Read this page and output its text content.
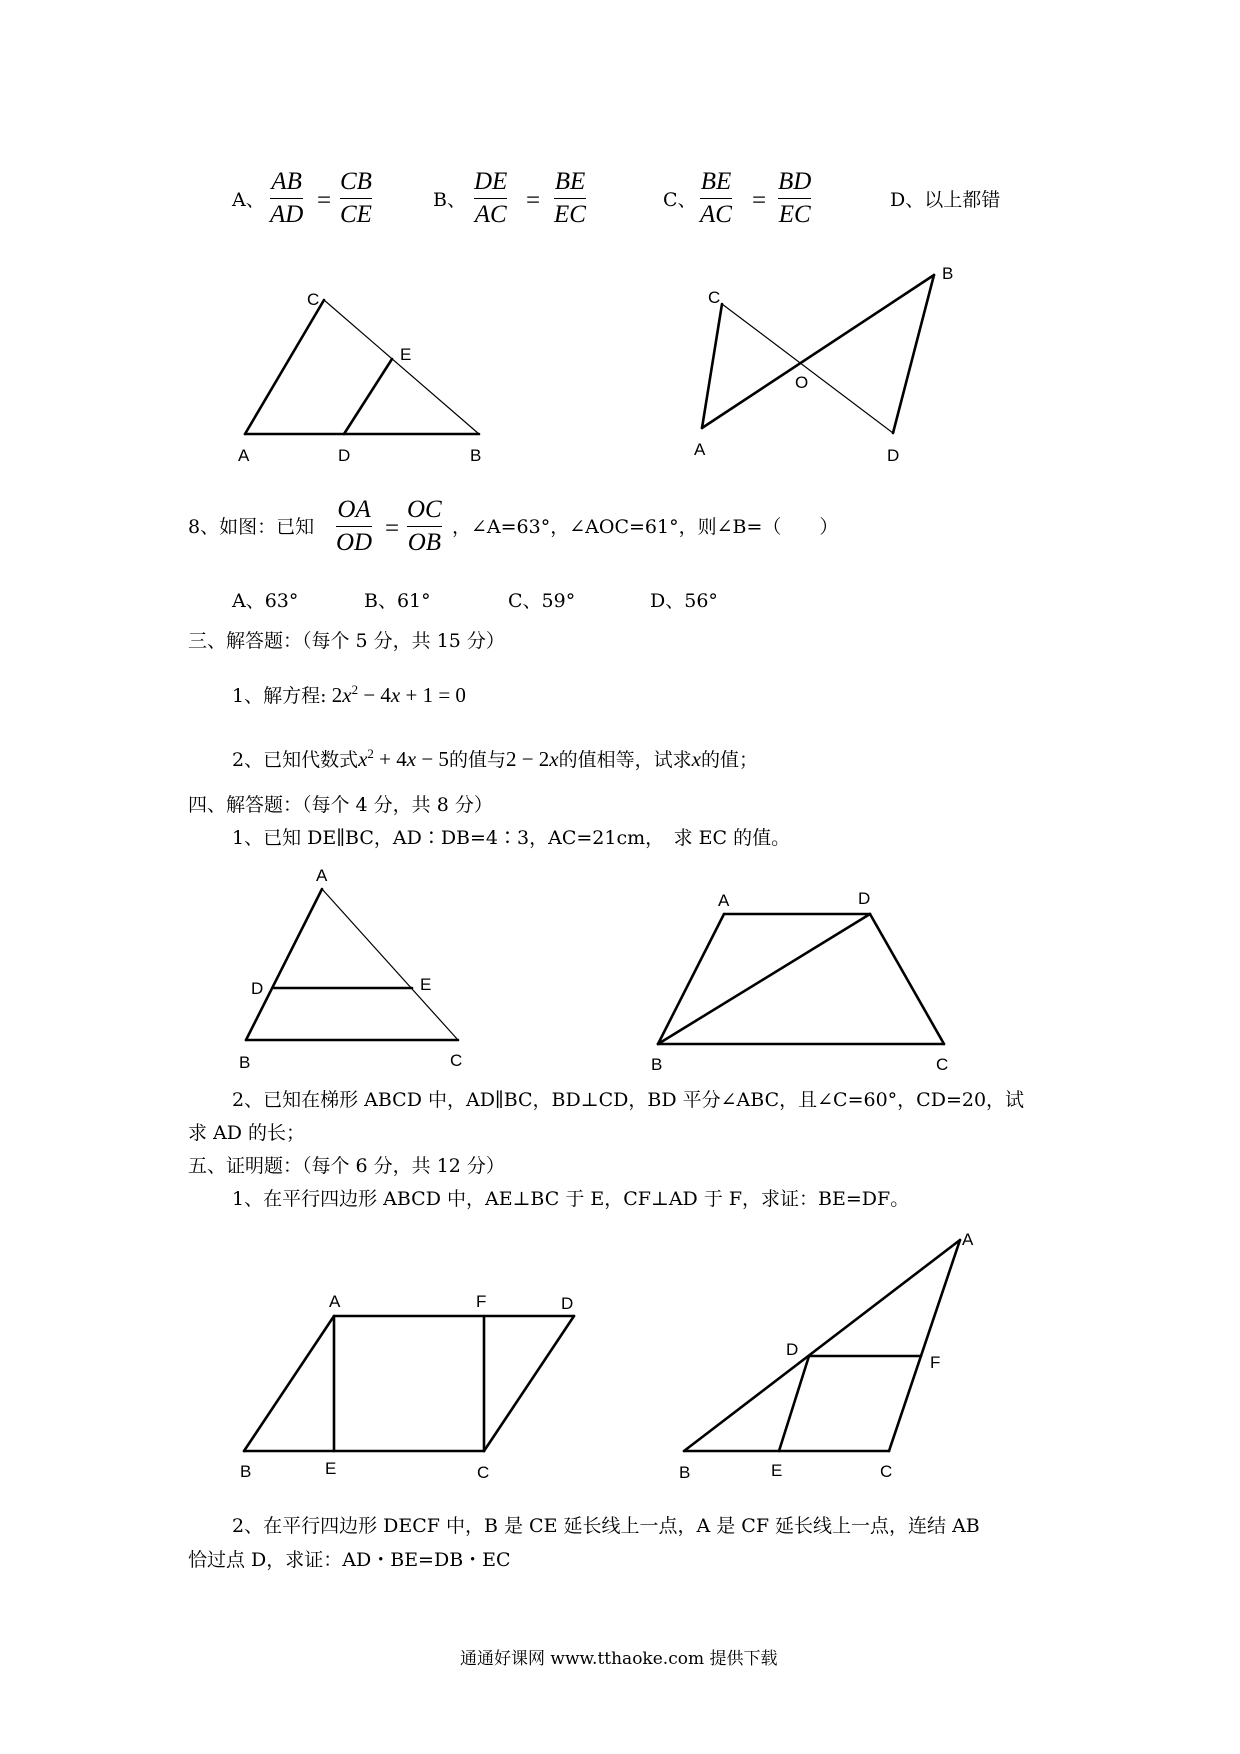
A、
AB
AD
=
CB
CE
B、
DE
AC
=
BE
EC
C、
BE
AC
=
BD
EC
D、以上都错
C
E
A	D	B
C
B
O
A	D
A
D	E
B	C
A	D
B	C
A	F	D
B	E	C
A
D
F
B	E	C
8、如图：已知
OA
OD
=
OC
OB
，∠A=63°，∠AOC=61°，则∠B=（　　）
A、63°	B、61°	C、59°	D、56°
三、解答题：（每个 5 分，共 15 分）
1、解方程: $2x^2 - 4x + 1 = 0$
2、已知代数式$x^2 + 4x - 5$的值与2 − 2x的值相等，试求x的值；
四、解答题：（每个 4 分，共 8 分）
1、已知 DE∥BC，AD∶DB=4∶3，AC=21cm，　求 EC 的值。
2、已知在梯形 ABCD 中，AD∥BC，BD⊥CD，BD 平分∠ABC，且∠C=60°，CD=20，试
求 AD 的长；
五、证明题：（每个 6 分，共 12 分）
1、在平行四边形 ABCD 中，AE⊥BC 于 E，CF⊥AD 于 F，求证：BE=DF。
2、在平行四边形 DECF 中，B 是 CE 延长线上一点，A 是 CF 延长线上一点，连结 AB
恰过点 D，求证：AD・BE=DB・EC
通通好课网 www.tthaoke.com 提供下载
